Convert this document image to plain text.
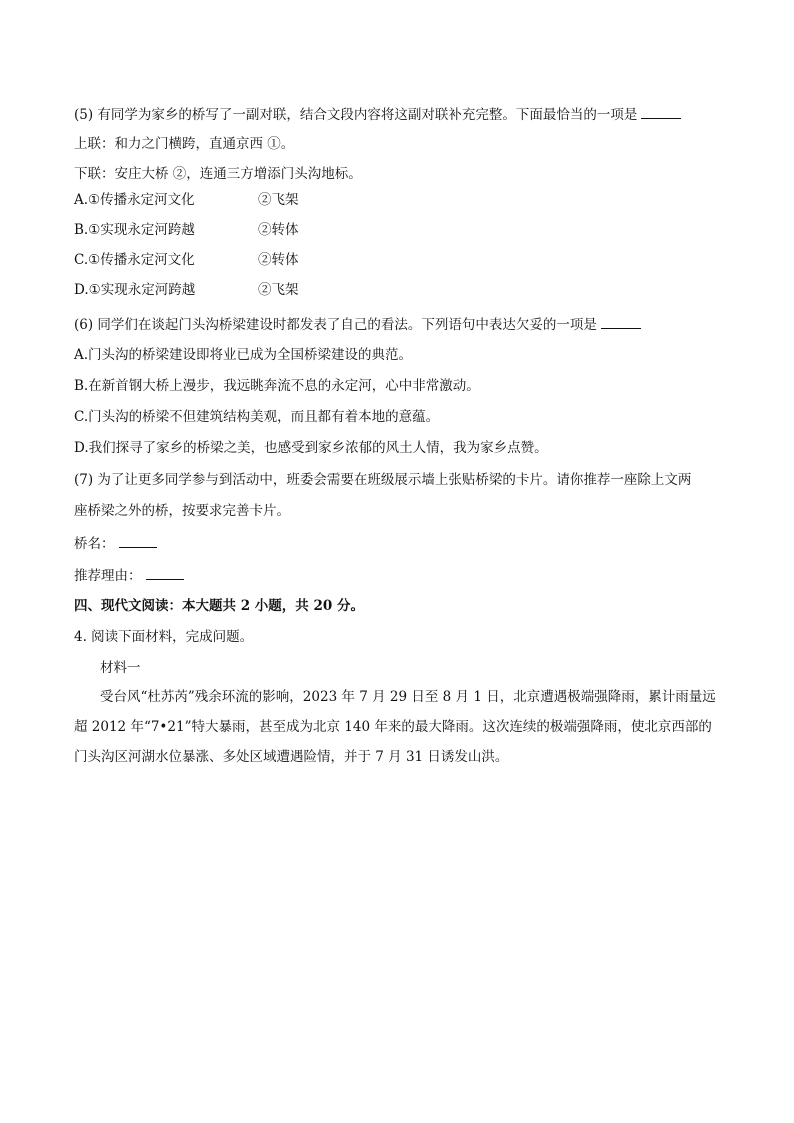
(5) 有同学为家乡的桥写了一副对联，结合文段内容将这副对联补充完整。下面最恰当的一项是
上联：和力之门横跨，直通京西 ①。
下联：安庄大桥 ②，连通三方增添门头沟地标。
A.①传播永定河文化	②飞架
B.①实现永定河跨越	②转体
C.①传播永定河文化	②转体
D.①实现永定河跨越	②飞架
(6) 同学们在谈起门头沟桥梁建设时都发表了自己的看法。下列语句中表达欠妥的一项是
A.门头沟的桥梁建设即将业已成为全国桥梁建设的典范。
B.在新首钢大桥上漫步，我远眺奔流不息的永定河，心中非常激动。
C.门头沟的桥梁不但建筑结构美观，而且都有着本地的意蕴。
D.我们探寻了家乡的桥梁之美，也感受到家乡浓郁的风土人情，我为家乡点赞。
(7) 为了让更多同学参与到活动中，班委会需要在班级展示墙上张贴桥梁的卡片。请你推荐一座除上文两
座桥梁之外的桥，按要求完善卡片。
桥名：
推荐理由：
四、现代文阅读：本大题共 2 小题，共 20 分。
4. 阅读下面材料，完成问题。
材料一
受台风“杜苏芮”残余环流的影响，2023 年 7 月 29 日至 8 月 1 日，北京遭遇极端强降雨，累计雨量远超 2012 年“7•21”特大暴雨，甚至成为北京 140 年来的最大降雨。这次连续的极端强降雨，使北京西部的门头沟区河湖水位暴涨、多处区域遭遇险情，并于 7 月 31 日诱发山洪。
